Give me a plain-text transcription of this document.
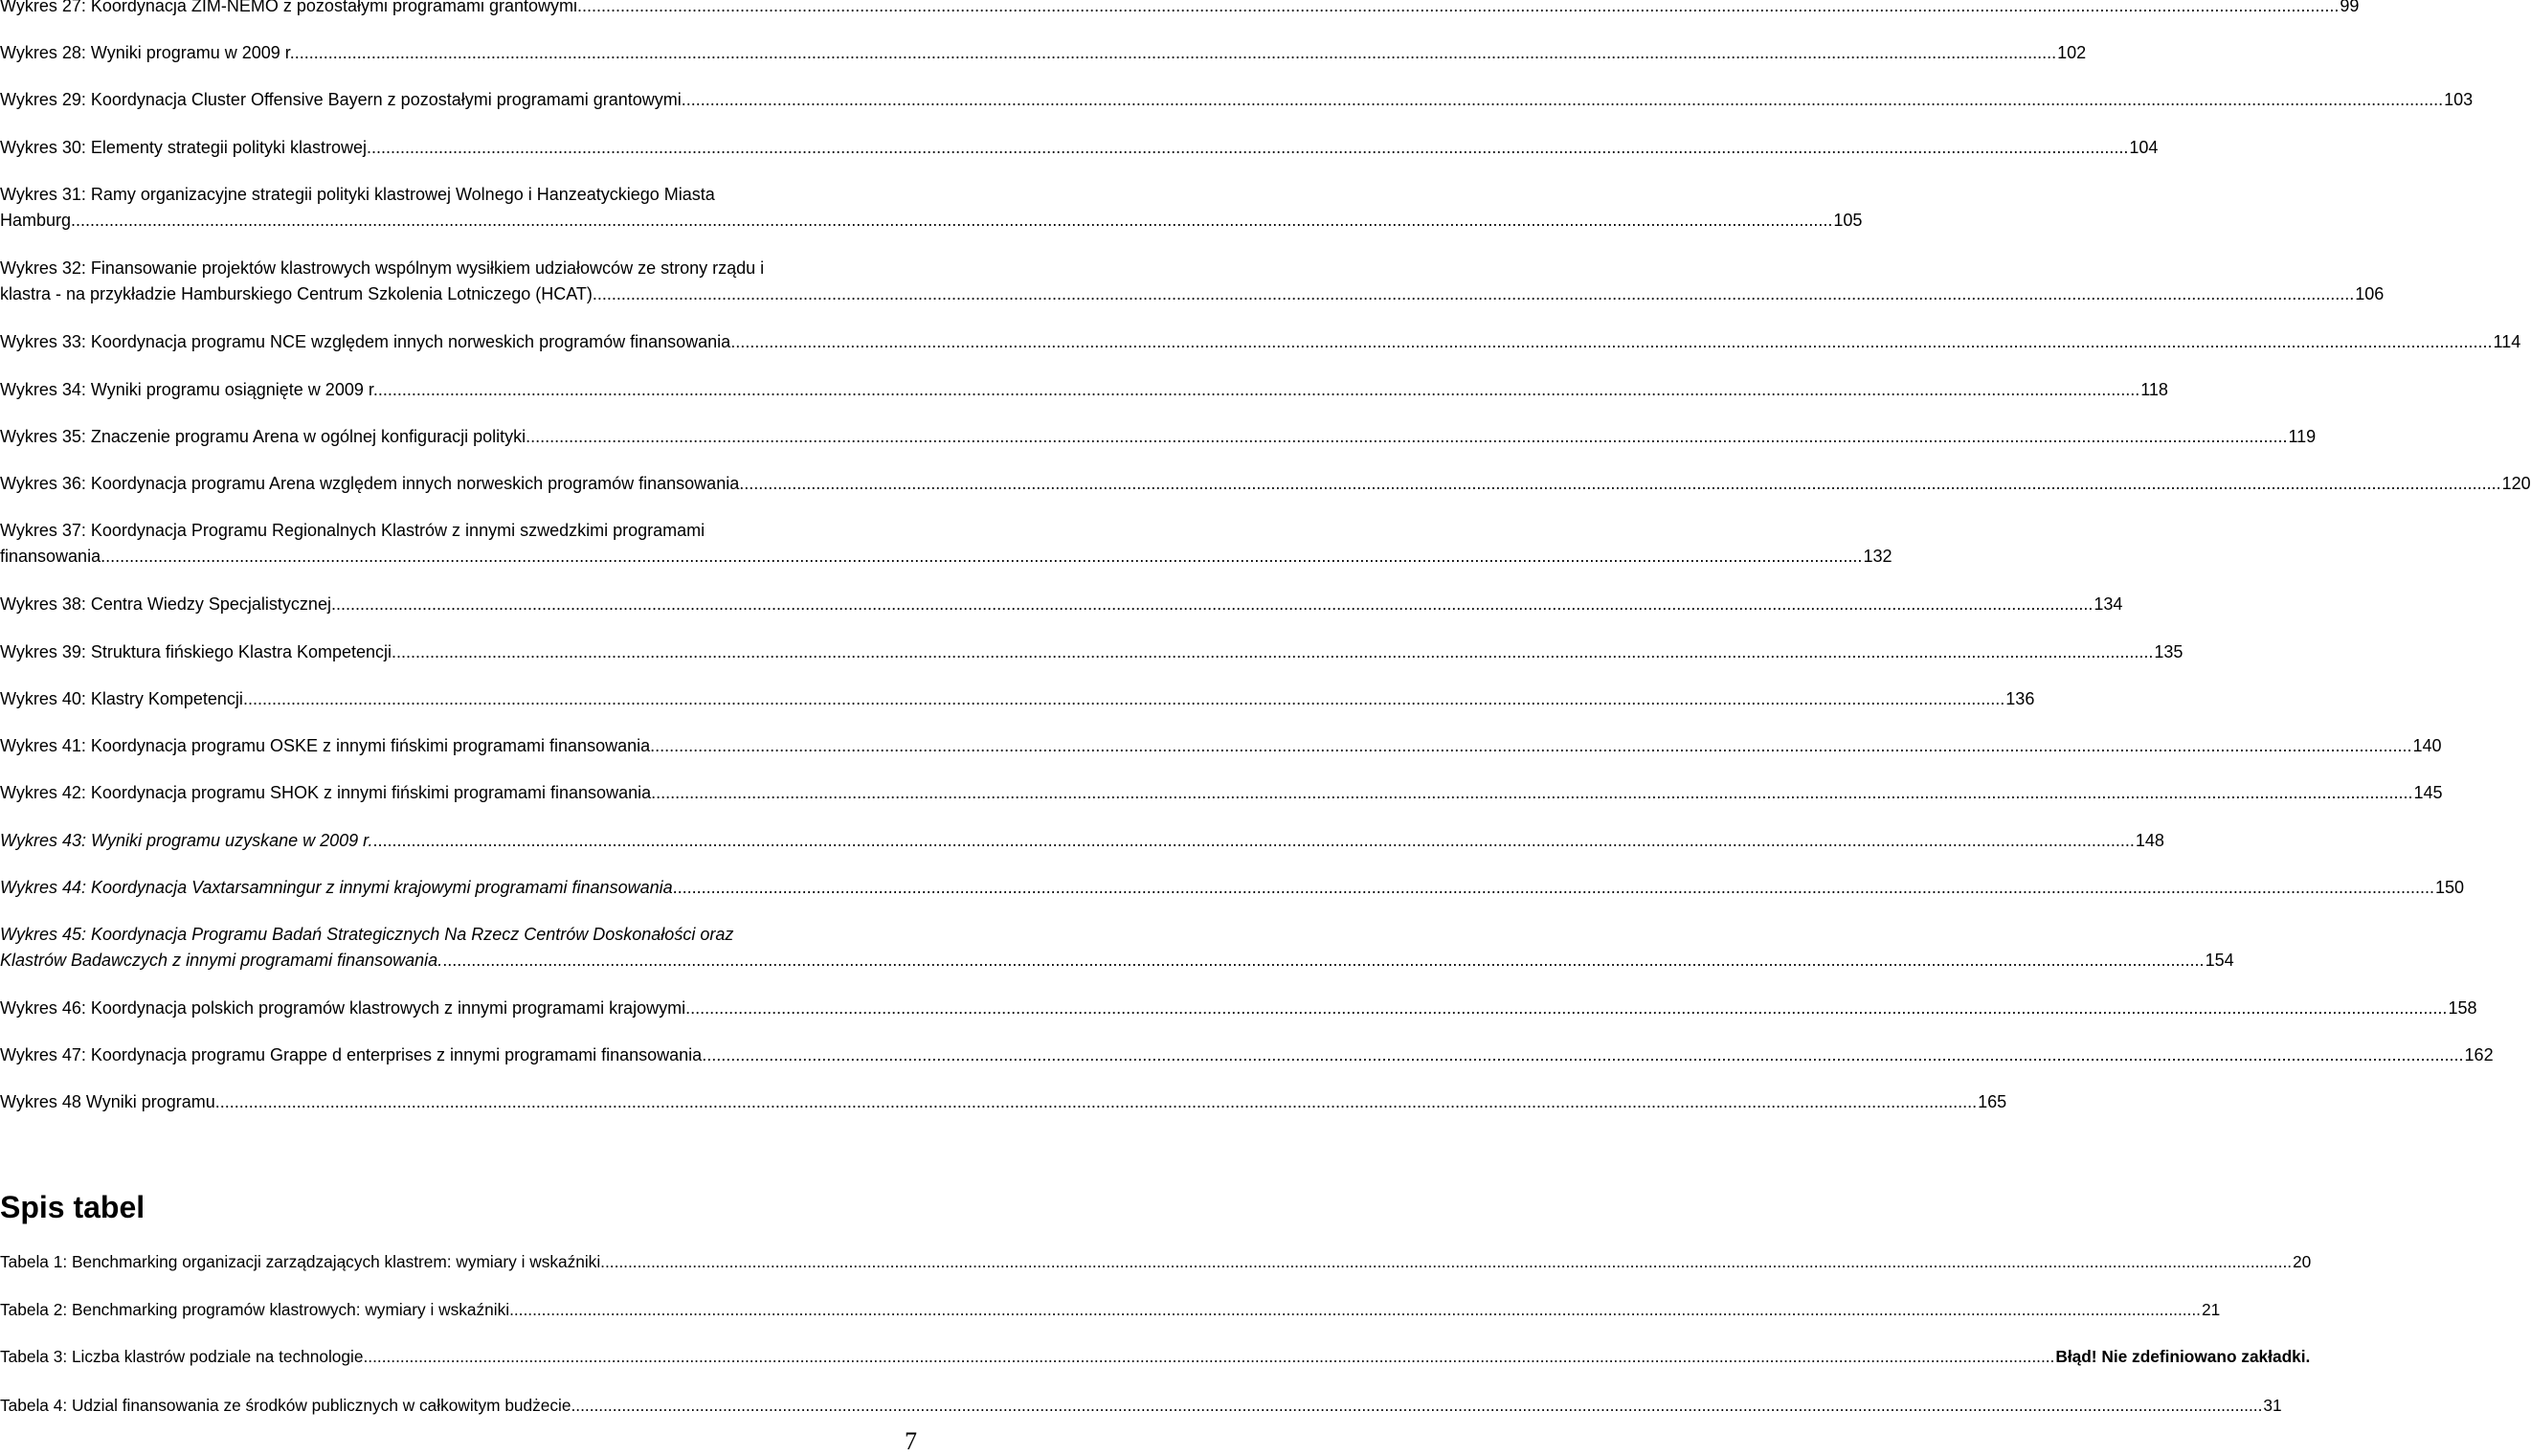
Wykres 27: Koordynacja ZIM-NEMO z pozostałymi programami grantowymi .....	99
Wykres 28: Wyniki programu w 2009 r. .....	102
Wykres 29: Koordynacja Cluster Offensive Bayern z pozostałymi programami grantowymi .....	103
Wykres 30: Elementy strategii polityki klastrowej .....	104
Wykres 31: Ramy organizacyjne strategii polityki klastrowej Wolnego i Hanzeatyckiego Miasta
Hamburg .....	105
Wykres 32: Finansowanie projektów klastrowych wspólnym wysiłkiem udziałowców ze strony rządu i
klastra - na przykładzie Hamburskiego Centrum Szkolenia Lotniczego (HCAT) .....	106
Wykres 33: Koordynacja programu NCE względem innych norweskich programów finansowania .....	114
Wykres 34: Wyniki programu osiągnięte w 2009 r. .....	118
Wykres 35: Znaczenie programu Arena w ogólnej konfiguracji polityki .....	119
Wykres 36: Koordynacja programu Arena względem innych norweskich programów finansowania .....	120
Wykres 37: Koordynacja Programu Regionalnych Klastrów z innymi szwedzkimi programami
finansowania .....	132
Wykres 38: Centra Wiedzy Specjalistycznej .....	134
Wykres 39: Struktura fińskiego Klastra Kompetencji .....	135
Wykres 40: Klastry Kompetencji .....	136
Wykres 41: Koordynacja programu OSKE z innymi fińskimi programami finansowania .....	140
Wykres 42: Koordynacja programu SHOK z innymi fińskimi programami finansowania .....	145
Wykres 43: Wyniki programu uzyskane w 2009 r. .....	148
Wykres 44: Koordynacja Vaxtarsamningur z innymi krajowymi programami finansowania .....	150
Wykres 45: Koordynacja Programu Badań Strategicznych Na Rzecz Centrów Doskonałości oraz
Klastrów Badawczych z innymi programami finansowania. .....	154
Wykres 46: Koordynacja polskich programów klastrowych z innymi programami krajowymi .....	158
Wykres 47: Koordynacja programu Grappe d enterprises z innymi programami finansowania .....	162
Wykres 48 Wyniki programu .....	165
Spis tabel
Tabela 1: Benchmarking organizacji zarządzających klastrem: wymiary i wskaźniki .....	20
Tabela 2: Benchmarking programów klastrowych: wymiary i wskaźniki .....	21
Tabela 3: Liczba klastrów podziale na technologie .....	Błąd! Nie zdefiniowano zakładki.
Tabela 4: Udzial finansowania ze środków publicznych w całkowitym budżecie .....	31
7
